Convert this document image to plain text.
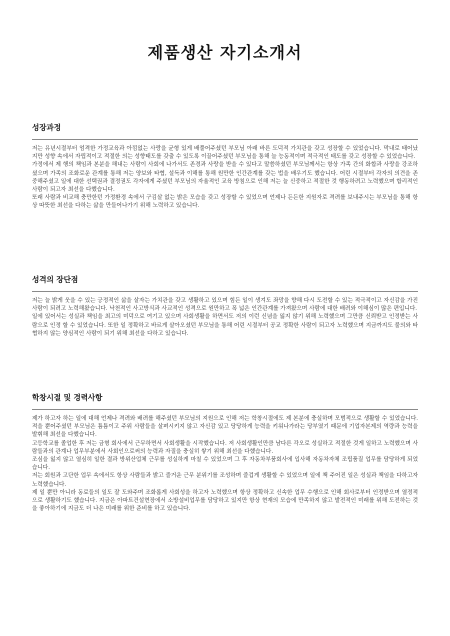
제품생산 자기소개서
성장과정

저는 유년시절부터 엄격한 가정교육과 아낌없는 사랑을 균형 있게 배풀어주셨던 부모님 아래 바른 도덕적 가치관을 갖고 성장할 수 있었습니다. 막내로 태어났지만 성향 속에서 자립적이고 적절한 의는 성향태도를 갖출 수 있도록 이끌어주셨던 부모님을 통해 늘 능동적이며 적극적인 태도를 갖고 성장할 수 있었습니다.

가정에서 제 행의 책임과 본분을 해내는 사람이 사회에 나가서도 존경과 사랑을 받을 수 있다고 말씀하셨던 부모님께서는 항상 가족 간의 화합과 사랑을 강조하셨으며 가족의 조화로운 관계를 통해 저는 양보와 타협, 설득과 이해를 통해 원만한 인간관계를 갖는 법을 배우기도 했습니다. 어린 시절부터 각자의 의견을 존중해주셨고 일에 대한 선택권과 결정권도 각자에게 주셨던 부모님의 자율적인 교육 방침으로 인해 저는 늘 신중하고 적절한 것 행동하려고 노력했으며 합리적인 사람이 되고자 최선을 다했습니다.

또래 사람과 비교해 충만한던 가정환경 속에서 구김살 없는 밝은 모습을 갖고 성장할 수 있었으며 언제나 든든한 지원자로 격려를 보내주시는 부모님을 통해 항상 따뜻한 최선을 다하는 삶을 만들어나가기 위해 노력하고 있습니다.

성격의 장단점

저는 늘 밝게 웃을 수 있는 긍정적인 삶을 살자는 가치관을 갖고 생활하고 있으며 힘든 일이 생겨도 좌망을 향해 다시 도전할 수 있는 적극적이고 자신감을 가진 사람이 되려고 노력해왔습니다. 낙천적인 사고방식과 사교적인 성격으로 원만하고 폭 넓은 인간관계를 가져왔으며 사람에 대한 배려와 이해심이 많은 편입니다.

일에 있어서는 성실과 책임을 최고의 미덕으로 여기고 있으며 사회생활을 하면서도 저의 이런 신념을 잃지 않기 위해 노력했으며 그만큼 신뢰받고 인정받는 사람으로 인정 할 수 있었습니다. 또한 일 정확하고 바르게 살아오셨던 부모님을 통해 어린 시절부터 공교 정확한 사람이 되고자 노력했으며 지금까지도 불의와 타협하지 않는 양심적인 사람이 되기 위해 최선을 다하고 있습니다.

학창시절 및 경력사항

제가 하고자 하는 일에 대해 언제나 격려와 배려를 해주셨던 부모님의 지원으로 인해 저는 학창시절에도 제 본분에 충실하며 모범적으로 생활할 수 있었습니다. 적을 뿐어주셨던 부모님은 틈틈이고 주위 사람들을 살펴시키지 않고 자신감 있고 당당하게 능력을 키워나가라는 당부였기 때문에 기업자본제의 역량과 능력을 발휘해 최선을 다했습니다.

고등학교를 졸업한 후 저는 금형 회사에서 근무하면서 사회생활을 시작했습니다. 저 사회생활인만큼 남다른 각오로 성실하고 적절한 것게 일하고 노력했으며 사람들과의 관계나 업무부분에서 사회인으로써의 능력과 자질을 충실히 쌓기 위해 최선을 다했습니다.

조심을 잃지 않고 열심히 일한 결과 방위산업체 근무를 성실하게 마칠 수 있었으며 그 후 자동차부품회사에 입사해 자동차자체 조립품질 업무를 담당하게 되었습니다.

저는 회원과 고단한 업무 속에서도 항상 사람들과 밝고 즐거운 근무 분위기를 조성하며 즐겁게 생활할 수 있었으며 일에 책 주어진 일은 성실과 책임을 다하고자 노력했습니다.

제 일 뿐만 아니라 동료들의 일도 잘 도와주며 조화롭게 사회성을 하고자 노력했으며 항상 정확하고 신속한 업무 수행으로 인해 회사로부터 인정받으며 열정적으로 생활하기도 했습니다. 지금은 아파트건설현장에서 소방설비업무를 담당하고 있지만 항상 현재의 모습에 만족하지 않고 발전적인 미래를 위해 도전하는 것을 좋아하기에 지금도 더 나은 미래를 위한 준비를 하고 있습니다.
